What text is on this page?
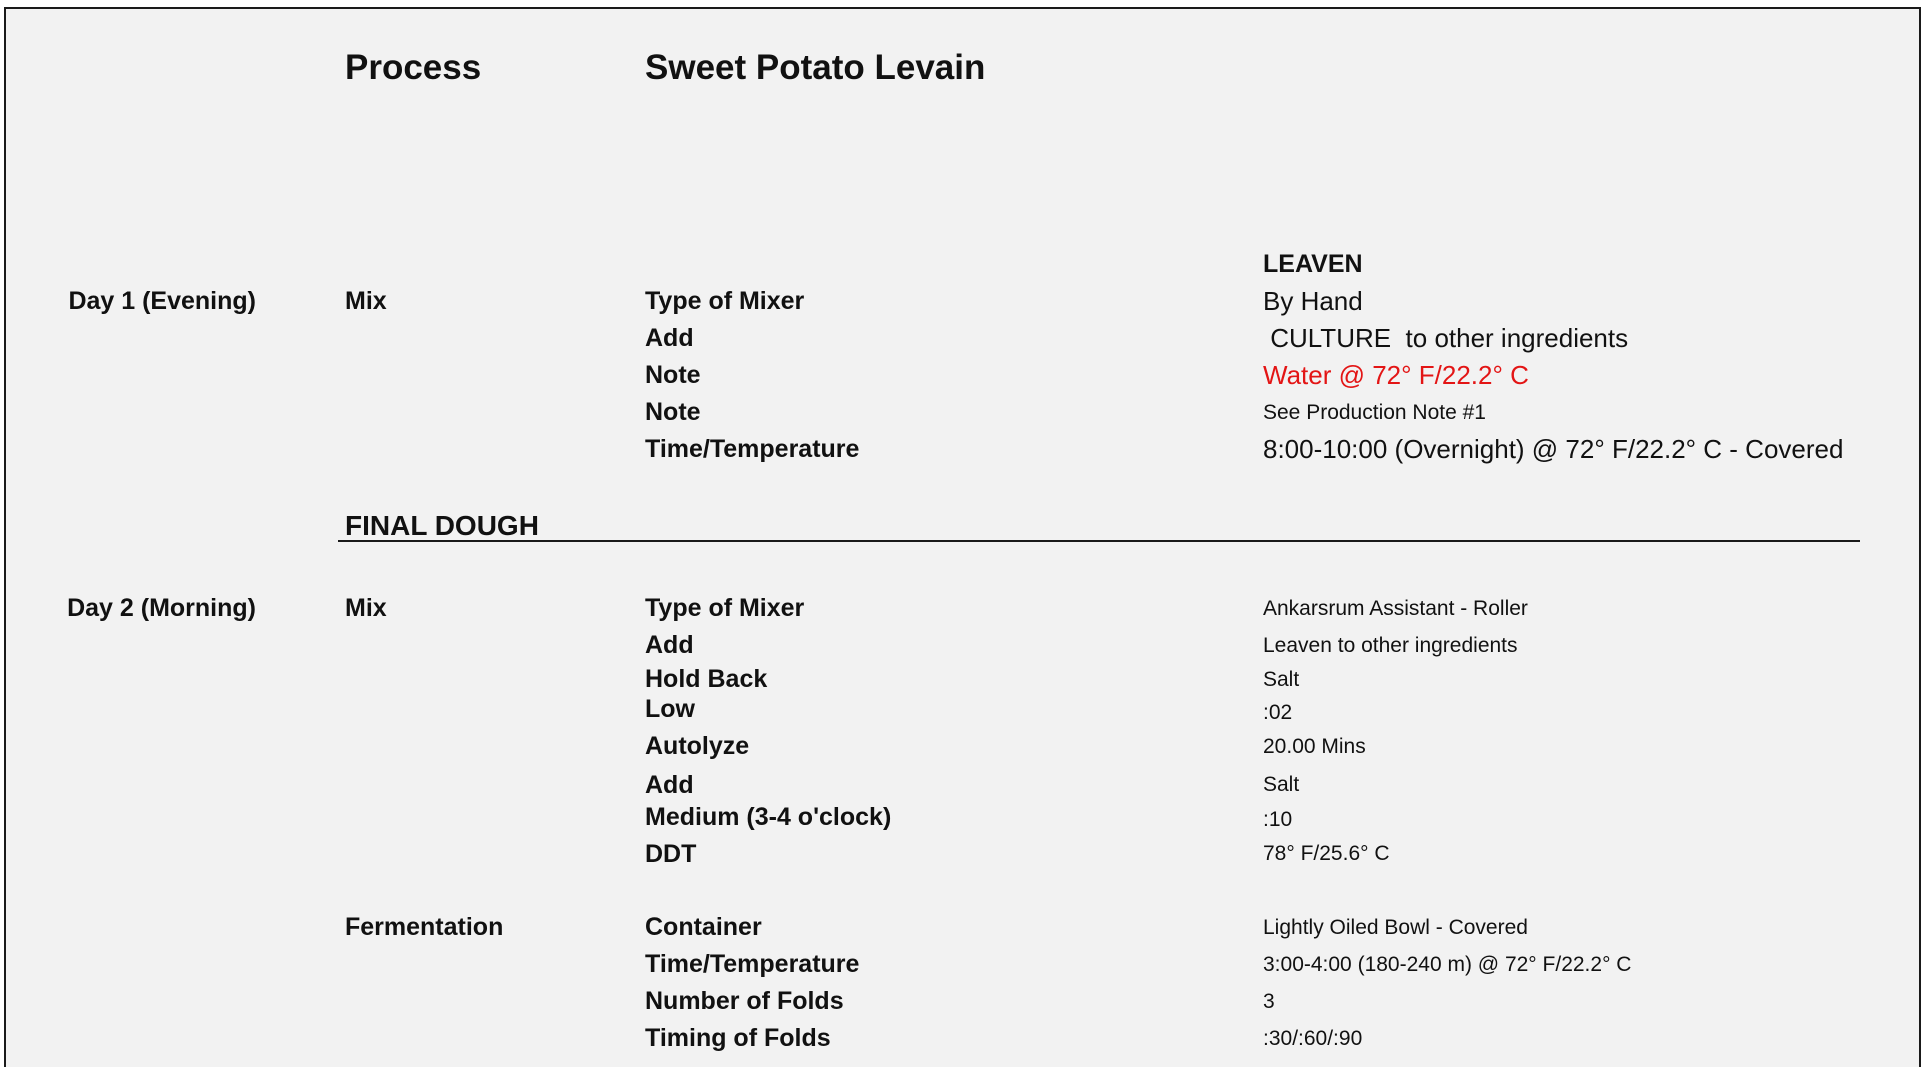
Process	Sweet Potato Levain
LEAVEN
Day 1 (Evening)	Mix	Type of Mixer	By Hand
Add	CULTURE  to other ingredients
Note	Water @ 72° F/22.2° C
Note	See Production Note #1
Time/Temperature	8:00-10:00 (Overnight) @ 72° F/22.2° C - Covered
FINAL DOUGH
Day 2 (Morning)	Mix	Type of Mixer	Ankarsrum Assistant - Roller
Add	Leaven to other ingredients
Hold Back	Salt
Low	:02
Autolyze	20.00 Mins
Add	Salt
Medium (3-4 o'clock)	:10
DDT	78° F/25.6° C
Fermentation	Container	Lightly Oiled Bowl - Covered
Time/Temperature	3:00-4:00 (180-240 m) @ 72° F/22.2° C
Number of Folds	3
Timing of Folds	:30/:60/:90
